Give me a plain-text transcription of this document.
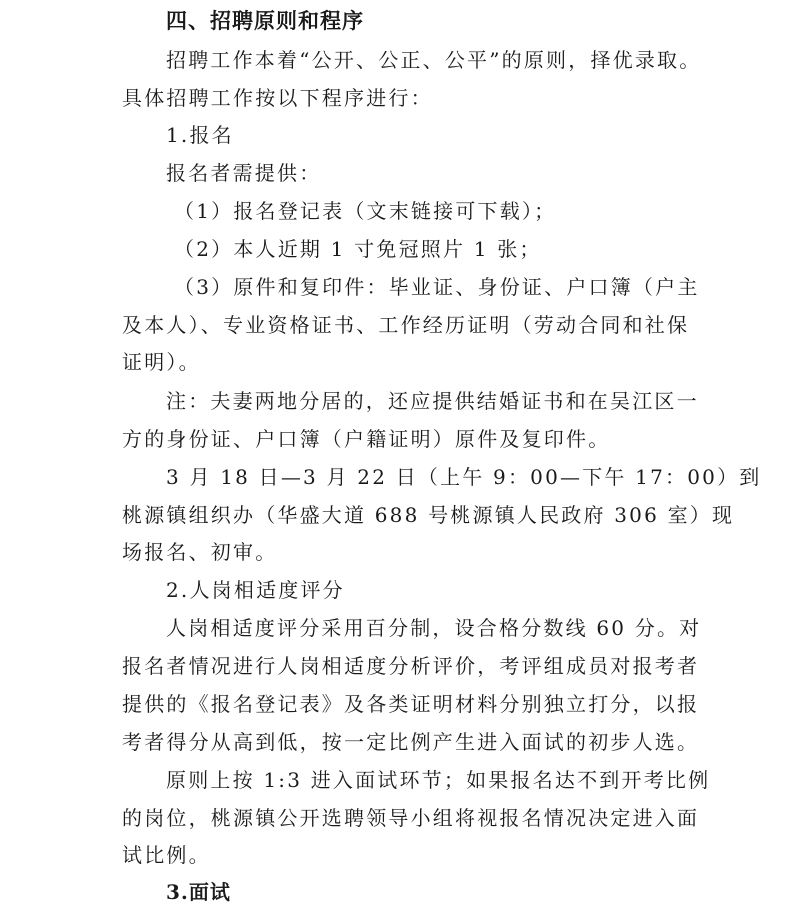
四、招聘原则和程序
招聘工作本着“公开、公正、公平”的原则，择优录取。
具体招聘工作按以下程序进行：
1.报名
报名者需提供：
（1）报名登记表（文末链接可下载）；
（2）本人近期 1 寸免冠照片 1 张；
（3）原件和复印件：毕业证、身份证、户口簿（户主
及本人）、专业资格证书、工作经历证明（劳动合同和社保
证明）。
注：夫妻两地分居的，还应提供结婚证书和在吴江区一
方的身份证、户口簿（户籍证明）原件及复印件。
3 月 18 日—3 月 22 日（上午 9：00—下午 17：00）到
桃源镇组织办（华盛大道 688 号桃源镇人民政府 306 室）现
场报名、初审。
2.人岗相适度评分
人岗相适度评分采用百分制，设合格分数线 60 分。对
报名者情况进行人岗相适度分析评价，考评组成员对报考者
提供的《报名登记表》及各类证明材料分别独立打分，以报
考者得分从高到低，按一定比例产生进入面试的初步人选。
原则上按 1:3 进入面试环节；如果报名达不到开考比例
的岗位，桃源镇公开选聘领导小组将视报名情况决定进入面
试比例。
3.面试
